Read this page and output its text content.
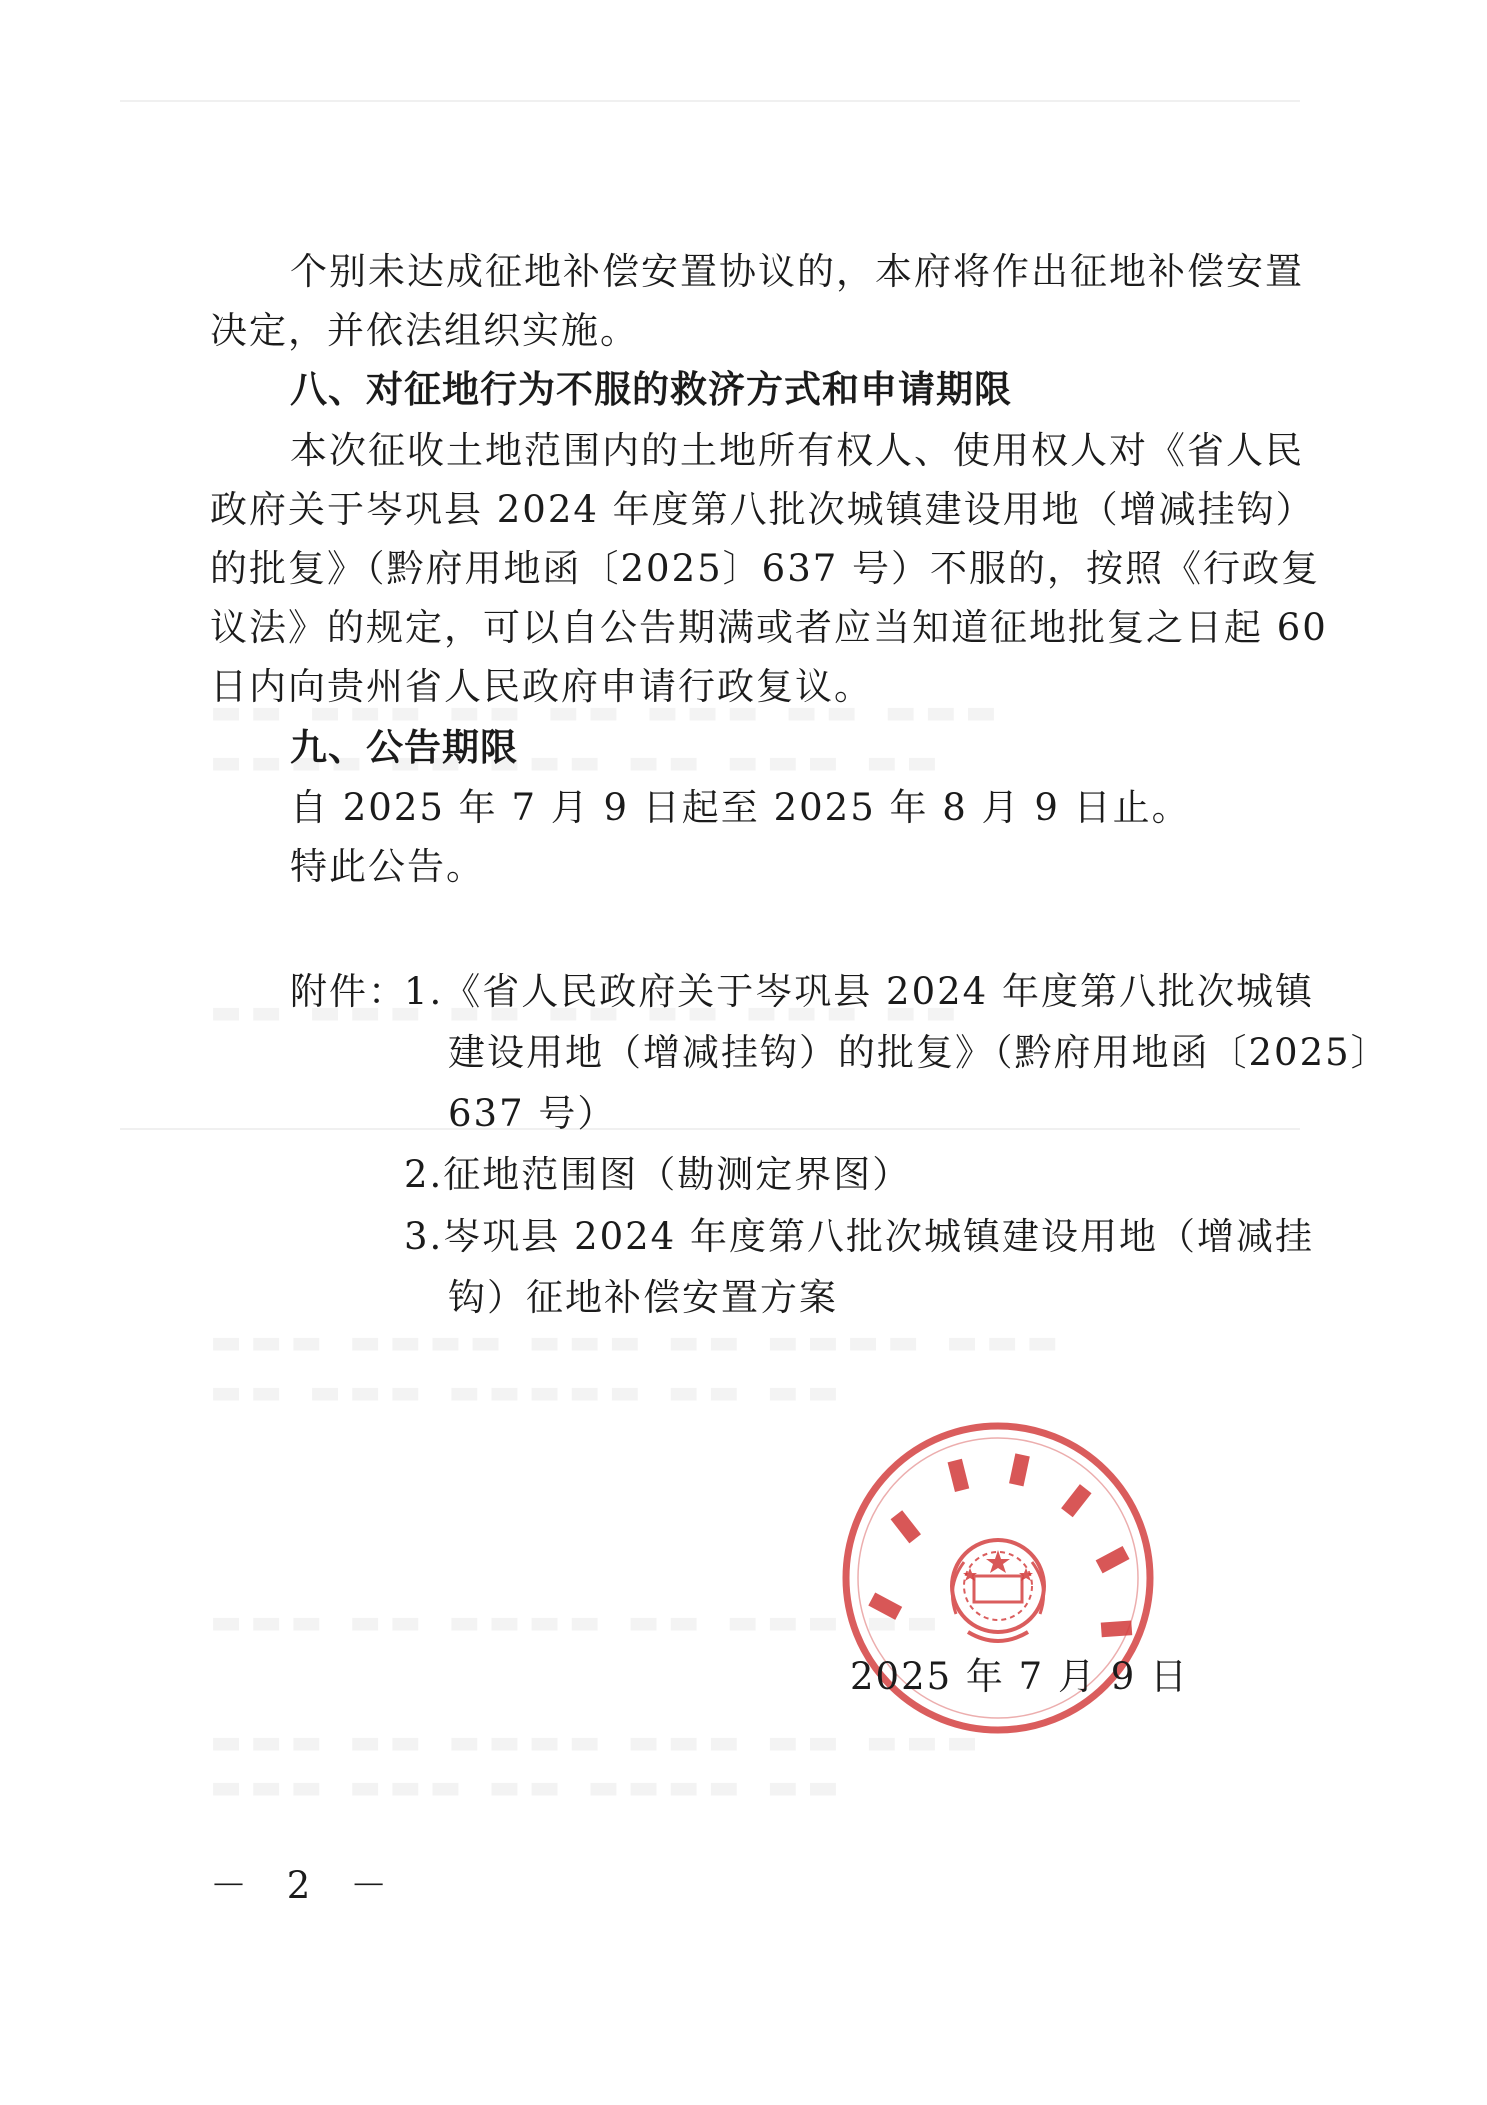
个别未达成征地补偿安置协议的，本府将作出征地补偿安置
决定，并依法组织实施。
八、对征地行为不服的救济方式和申请期限
本次征收土地范围内的土地所有权人、使用权人对《省人民
政府关于岑巩县 2024 年度第八批次城镇建设用地（增减挂钩）
的批复》（黔府用地函〔2025〕637 号）不服的，按照《行政复
议法》的规定，可以自公告期满或者应当知道征地批复之日起 60
日内向贵州省人民政府申请行政复议。
九、公告期限
自 2025 年 7 月 9 日起至 2025 年 8 月 9 日止。
特此公告。
附件：
1.《省人民政府关于岑巩县 2024 年度第八批次城镇
建设用地（增减挂钩）的批复》（黔府用地函〔2025〕
637 号）
2.征地范围图（勘测定界图）
3.岑巩县 2024 年度第八批次城镇建设用地（增减挂
钩）征地补偿安置方案
▮
▮
▮ ▮
▮
▮
▮
2025 年 7 月 9 日
－ 2 －
